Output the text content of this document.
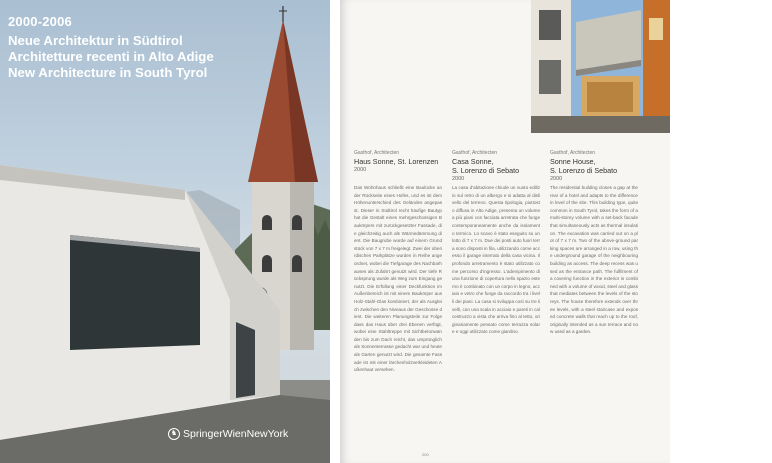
2000-2006
Neue Architektur in Südtirol
Architetture recenti in Alto Adige
New Architecture in South Tyrol
♞ SpringerWienNewYork
Gasthof, Architecten
Haus Sonne, St. Lorenzen
2000
Das Wohnhaus schließt eine Baulücke an der Rückseite eines Hofes, und es ist dem Höhenunterschied des Geländes angepasst. Dieser in Südtirol recht häufige Bautyp hat die Gestalt eines mehrgeschossigen Baukörpers mit zurückgesetzter Fassade, die gleichzeitig auch als Wärmedämmung dient. Die Baugrube wurde auf einem Grundstück von 7 x 7 m freigelegt. Zwei der oberirdischen Parkplätze wurden in Reihe angeordnet, wobei die Tiefgarage des Nachbarhauses als Zufahrt genutzt wird. Der tiefe Rücksprung wurde als Weg zum Eingang genutzt. Die Erfüllung einer Deckfunktion im Außenbereich ist mit einem Baukörper aus Holz-Stahl-Glas kombiniert, der als Ausgleich zwischen den Niveaus der Geschosse dient. Die weiteren Planungsteile zur Folge dass das Haus über drei Ebenen verfügt, wobei eine Stahltreppe mit Sichtbetonwänden bis zum Dach reicht, das ursprünglich als Sonnenterrasse gedacht war und heute als Garten genutzt wird. Die gesamte Fassade ist mit einer lärchenholzverkleideten Außenhaut versehen.
Gasthof, Architecten
Casa Sonne,
S. Lorenzo di Sebato
2000
La casa d'abitazione chiude un vuoto edilizio sul retro di un albergo e si adatta al dislivello del terreno. Questa tipologia, piuttosto diffusa in Alto Adige, presenta un volume a più piani con facciata arretrata che funge contemporaneamente anche da isolamento termico. Lo scavo è stato eseguito su un lotto di 7 x 7 m. Due dei posti auto fuori terra sono disposti in fila, utilizzando come accesso il garage interrato della casa vicina. Il profondo arretramento è stato utilizzato come percorso d'ingresso. L'adempimento di una funzione di copertura nello spazio esterno è combinato con un corpo in legno, acciaio e vetro che funge da raccordo tra i livelli dei piani. La casa si sviluppa così su tre livelli, con una scala in acciaio e pareti in calcestruzzo a vista che arriva fino al tetto, originariamente pensato come terrazza solare e oggi utilizzato come giardino.
Gasthof, Architecten
Sonne House,
S. Lorenzo di Sebato
2000
The residential building closes a gap at the rear of a hotel and adapts to the difference in level of the site. This building type, quite common in South Tyrol, takes the form of a multi-storey volume with a set-back facade that simultaneously acts as thermal insulation. The excavation was carried out on a plot of 7 x 7 m. Two of the above-ground parking spaces are arranged in a row, using the underground garage of the neighbouring building as access. The deep recess was used as the entrance path. The fulfilment of a covering function in the exterior is combined with a volume of wood, steel and glass that mediates between the levels of the storeys. The house therefore extends over three levels, with a steel staircase and exposed concrete walls that reach up to the roof, originally intended as a sun terrace and now used as a garden.
200
